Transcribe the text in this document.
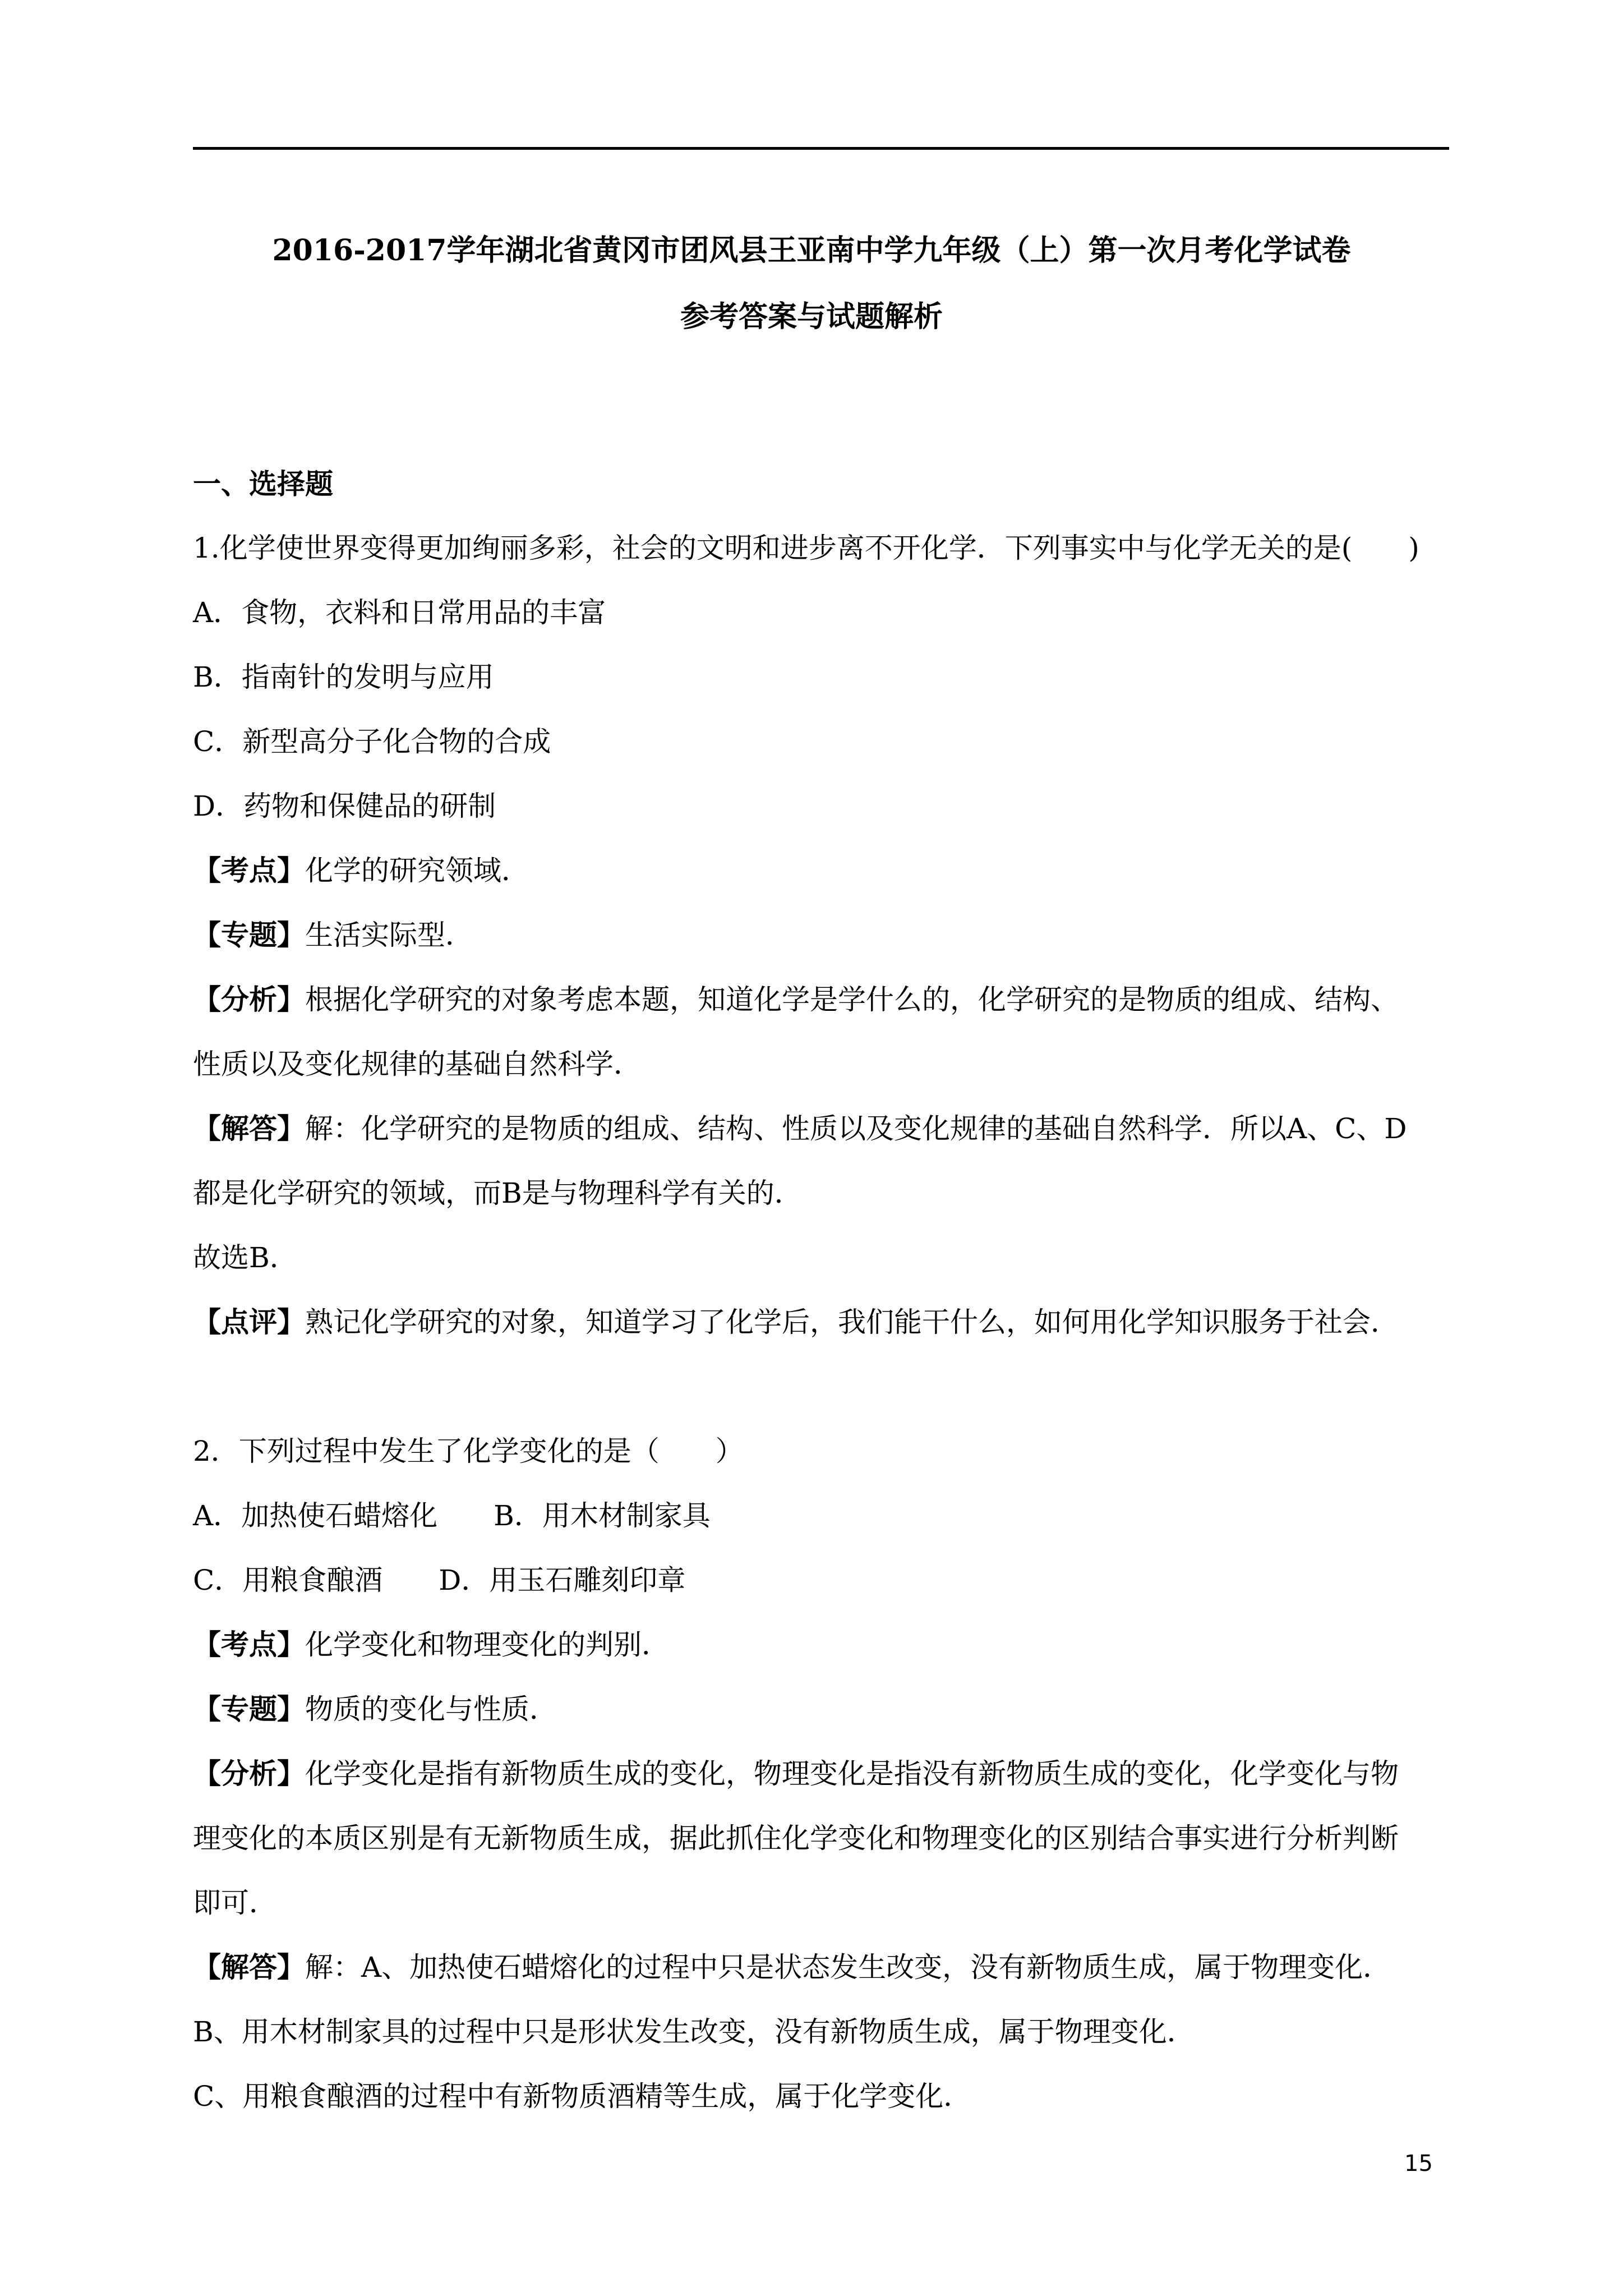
2016-2017学年湖北省黄冈市团风县王亚南中学九年级（上）第一次月考化学试卷
参考答案与试题解析
一、选择题
1.化学使世界变得更加绚丽多彩，社会的文明和进步离不开化学．下列事实中与化学无关的是(　　)
A．食物，衣料和日常用品的丰富
B．指南针的发明与应用
C．新型高分子化合物的合成
D．药物和保健品的研制
【考点】化学的研究领域．
【专题】生活实际型．
【分析】根据化学研究的对象考虑本题，知道化学是学什么的，化学研究的是物质的组成、结构、
性质以及变化规律的基础自然科学．
【解答】解：化学研究的是物质的组成、结构、性质以及变化规律的基础自然科学．所以A、C、D
都是化学研究的领域，而B是与物理科学有关的．
故选B．
【点评】熟记化学研究的对象，知道学习了化学后，我们能干什么，如何用化学知识服务于社会．
2．下列过程中发生了化学变化的是（　　）
A．加热使石蜡熔化　　B．用木材制家具
C．用粮食酿酒　　D．用玉石雕刻印章
【考点】化学变化和物理变化的判别．
【专题】物质的变化与性质．
【分析】化学变化是指有新物质生成的变化，物理变化是指没有新物质生成的变化，化学变化与物
理变化的本质区别是有无新物质生成，据此抓住化学变化和物理变化的区别结合事实进行分析判断
即可．
【解答】解：A、加热使石蜡熔化的过程中只是状态发生改变，没有新物质生成，属于物理变化．
B、用木材制家具的过程中只是形状发生改变，没有新物质生成，属于物理变化．
C、用粮食酿酒的过程中有新物质酒精等生成，属于化学变化．
15
